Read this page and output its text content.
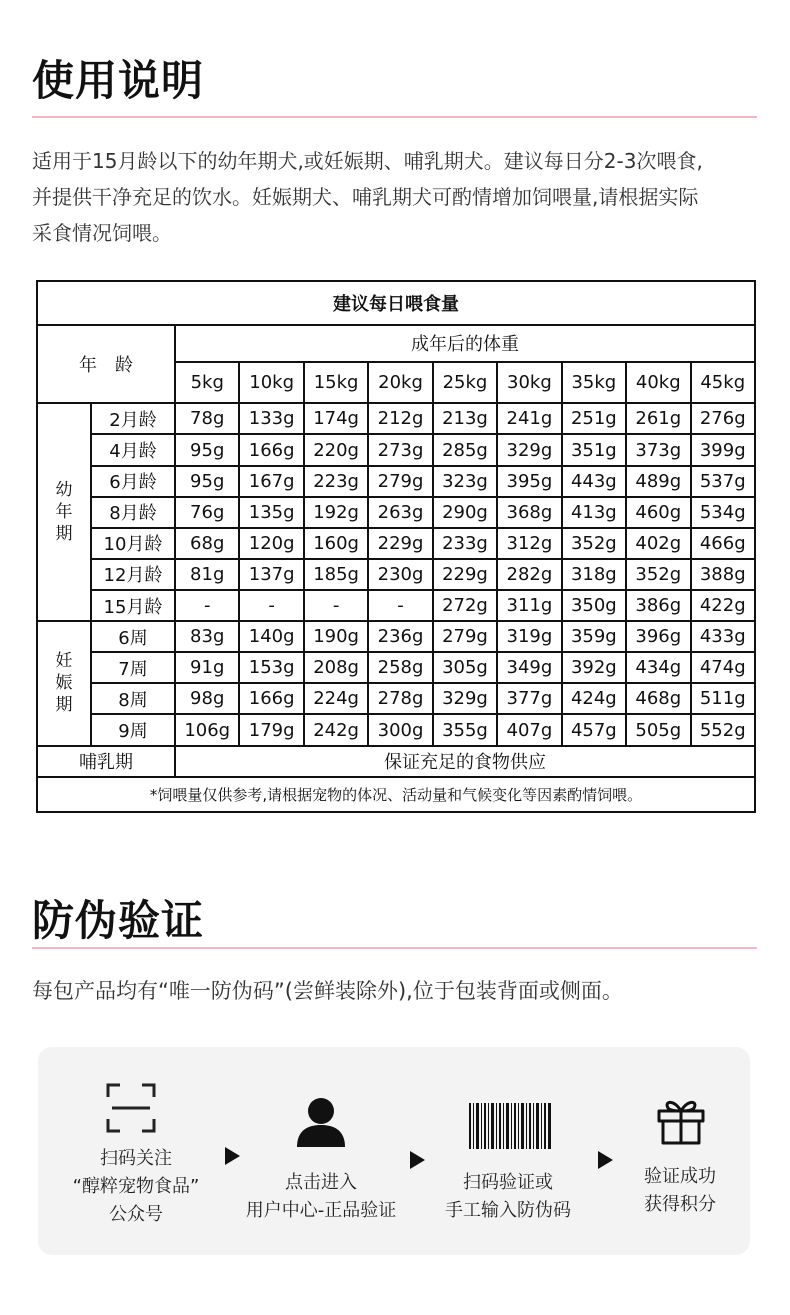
使用说明
适用于15月龄以下的幼年期犬,或妊娠期、哺乳期犬。建议每日分2-3次喂食,
并提供干净充足的饮水。妊娠期犬、哺乳期犬可酌情增加饲喂量,请根据实际
采食情况饲喂。
建议每日喂食量										
年龄		成年后的体重								
		5kg	10kg	15kg	20kg	25kg	30kg	35kg	40kg	45kg

幼
年
期	2月龄	78g	133g	174g	212g	213g	241g	251g	261g	276g
	4月龄	95g	166g	220g	273g	285g	329g	351g	373g	399g
	6月龄	95g	167g	223g	279g	323g	395g	443g	489g	537g
	8月龄	76g	135g	192g	263g	290g	368g	413g	460g	534g
	10月龄	68g	120g	160g	229g	233g	312g	352g	402g	466g
	12月龄	81g	137g	185g	230g	229g	282g	318g	352g	388g
	15月龄	-	-	-	-	272g	311g	350g	386g	422g

妊
娠
期	6周	83g	140g	190g	236g	279g	319g	359g	396g	433g
	7周	91g	153g	208g	258g	305g	349g	392g	434g	474g
	8周	98g	166g	224g	278g	329g	377g	424g	468g	511g
	9周	106g	179g	242g	300g	355g	407g	457g	505g	552g
哺乳期		保证充足的食物供应								
*饲喂量仅供参考,请根据宠物的体况、活动量和气候变化等因素酌情饲喂。										
防伪验证
每包产品均有“唯一防伪码”(尝鲜装除外),位于包装背面或侧面。
扫码关注
“醇粹宠物食品”
公众号
点击进入
用户中心-正品验证
扫码验证或
手工输入防伪码
验证成功
获得积分
